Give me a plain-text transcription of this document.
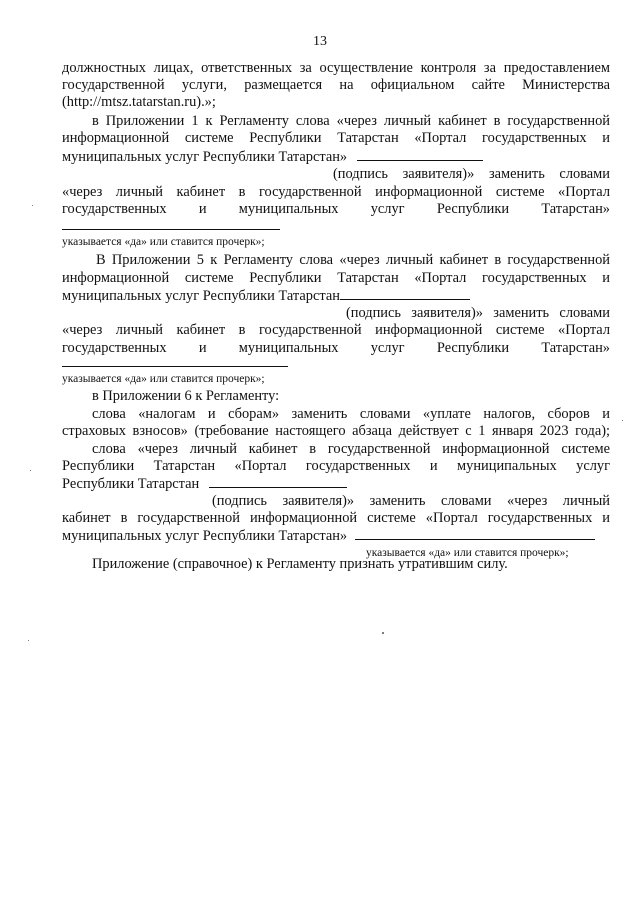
13
должностных лицах, ответственных за осуществление контроля за предоставлением
государственной услуги, размещается на официальном сайте Министерства
(http://mtsz.tatarstan.ru).»;
в Приложении 1 к Регламенту слова «через личный кабинет в государственной
информационной системе Республики Татарстан «Портал государственных и
муниципальных услуг Республики Татарстан»
(подпись заявителя)» заменить словами
«через личный кабинет в государственной информационной системе «Портал
государственных и муниципальных услуг Республики Татарстан»
указывается «да» или ставится прочерк»;
В Приложении 5 к Регламенту слова «через личный кабинет в государственной
информационной системе Республики Татарстан «Портал государственных и
муниципальных услуг Республики Татарстан
(подпись заявителя)» заменить словами
«через личный кабинет в государственной информационной системе «Портал
государственных и муниципальных услуг Республики Татарстан»
указывается «да» или ставится прочерк»;
в Приложении 6 к Регламенту:
слова «налогам и сборам» заменить словами «уплате налогов, сборов и
страховых взносов» (требование настоящего абзаца действует с 1 января 2023 года);
слова «через личный кабинет в государственной информационной системе
Республики Татарстан «Портал государственных и муниципальных услуг
Республики Татарстан
(подпись заявителя)» заменить словами «через личный
кабинет в государственной информационной системе «Портал государственных и
муниципальных услуг Республики Татарстан»
указывается «да» или ставится прочерк»;
Приложение (справочное) к Регламенту признать утратившим силу.
